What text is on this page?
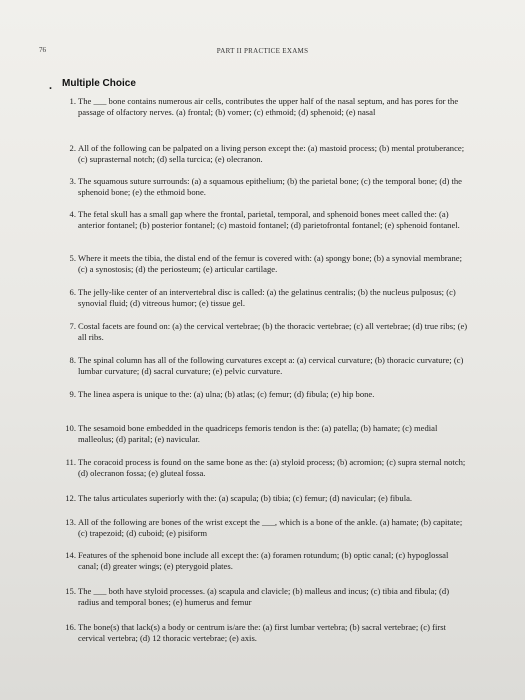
76	PART II PRACTICE EXAMS
. Multiple Choice
1. The ___ bone contains numerous air cells, contributes the upper half of the nasal septum, and has pores for the passage of olfactory nerves. (a) frontal; (b) vomer; (c) ethmoid; (d) sphenoid; (e) nasal
2. All of the following can be palpated on a living person except the: (a) mastoid process; (b) mental protuberance; (c) suprasternal notch; (d) sella turcica; (e) olecranon.
3. The squamous suture surrounds: (a) a squamous epithelium; (b) the parietal bone; (c) the temporal bone; (d) the sphenoid bone; (e) the ethmoid bone.
4. The fetal skull has a small gap where the frontal, parietal, temporal, and sphenoid bones meet called the: (a) anterior fontanel; (b) posterior fontanel; (c) mastoid fontanel; (d) parietofrontal fontanel; (e) sphenoid fontanel.
5. Where it meets the tibia, the distal end of the femur is covered with: (a) spongy bone; (b) a synovial membrane; (c) a synostosis; (d) the periosteum; (e) articular cartilage.
6. The jelly-like center of an intervertebral disc is called: (a) the gelatinus centralis; (b) the nucleus pulposus; (c) synovial fluid; (d) vitreous humor; (e) tissue gel.
7. Costal facets are found on: (a) the cervical vertebrae; (b) the thoracic vertebrae; (c) all vertebrae; (d) true ribs; (e) all ribs.
8. The spinal column has all of the following curvatures except a: (a) cervical curvature; (b) thoracic curvature; (c) lumbar curvature; (d) sacral curvature; (e) pelvic curvature.
9. The linea aspera is unique to the: (a) ulna; (b) atlas; (c) femur; (d) fibula; (e) hip bone.
10. The sesamoid bone embedded in the quadriceps femoris tendon is the: (a) patella; (b) hamate; (c) medial malleolus; (d) parital; (e) navicular.
11. The coracoid process is found on the same bone as the: (a) styloid process; (b) acromion; (c) supra sternal notch; (d) olecranon fossa; (e) gluteal fossa.
12. The talus articulates superiorly with the: (a) scapula; (b) tibia; (c) femur; (d) navicular; (e) fibula.
13. All of the following are bones of the wrist except the ___, which is a bone of the ankle. (a) hamate; (b) capitate; (c) trapezoid; (d) cuboid; (e) pisiform
14. Features of the sphenoid bone include all except the: (a) foramen rotundum; (b) optic canal; (c) hypoglossal canal; (d) greater wings; (e) pterygoid plates.
15. The ___ both have styloid processes. (a) scapula and clavicle; (b) malleus and incus; (c) tibia and fibula; (d) radius and temporal bones; (e) humerus and femur
16. The bone(s) that lack(s) a body or centrum is/are the: (a) first lumbar vertebra; (b) sacral vertebrae; (c) first cervical vertebra; (d) 12 thoracic vertebrae; (e) axis.
